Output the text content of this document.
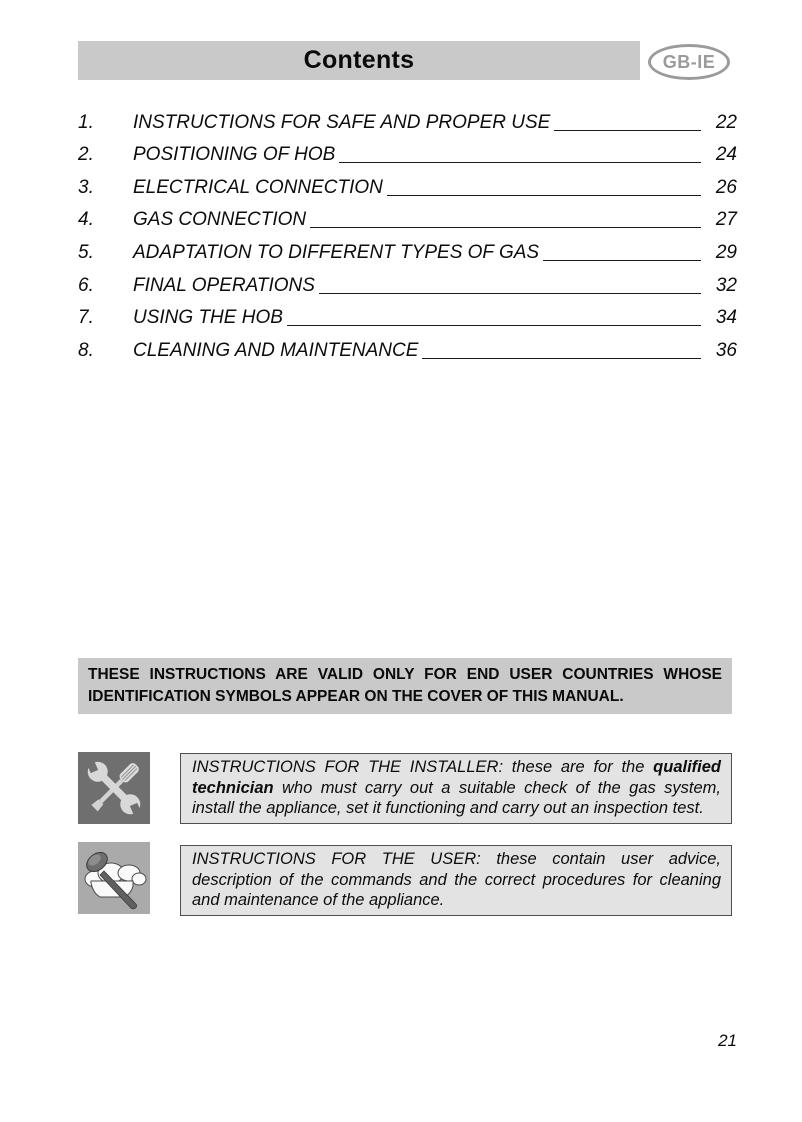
Contents	GB-IE
1.	INSTRUCTIONS FOR SAFE AND PROPER USE	22
2.	POSITIONING OF HOB	24
3.	ELECTRICAL CONNECTION	26
4.	GAS CONNECTION	27
5.	ADAPTATION TO DIFFERENT TYPES OF GAS	29
6.	FINAL OPERATIONS	32
7.	USING THE HOB	34
8.	CLEANING AND MAINTENANCE	36
THESE INSTRUCTIONS ARE VALID ONLY FOR END USER COUNTRIES WHOSE
IDENTIFICATION SYMBOLS APPEAR ON THE COVER OF THIS MANUAL.
INSTRUCTIONS FOR THE INSTALLER: these are for the qualified
technician who must carry out a suitable check of the gas system,
install the appliance, set it functioning and carry out an inspection test.
INSTRUCTIONS FOR THE USER: these contain user advice,
description of the commands and the correct procedures for cleaning
and maintenance of the appliance.
21
